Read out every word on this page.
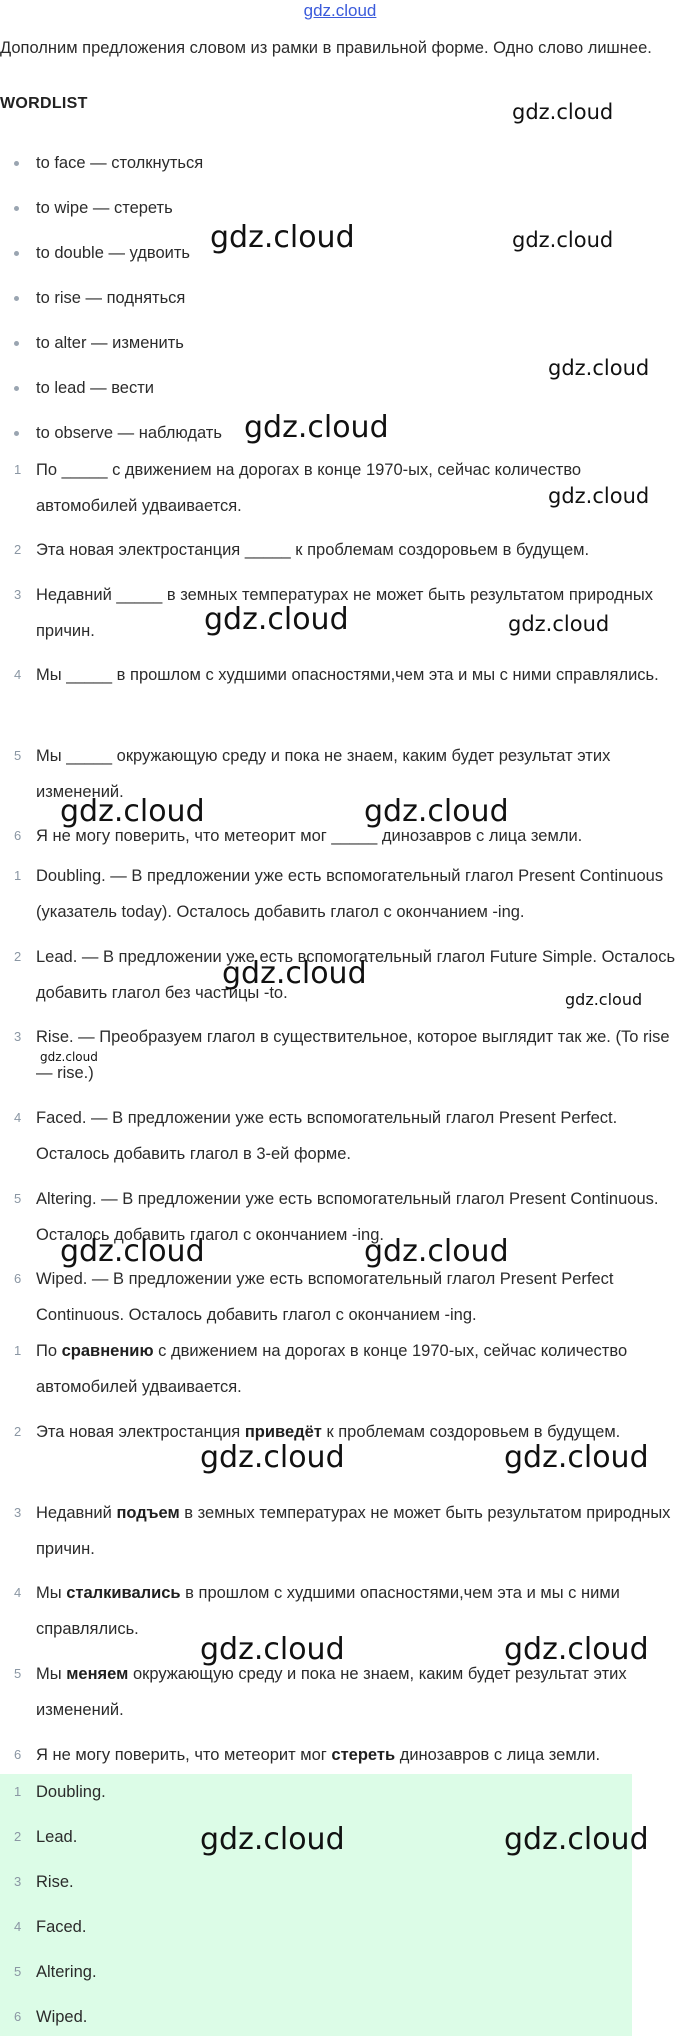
gdz.cloud
Дополним предложения словом из рамки в правильной форме. Одно слово лишнее.
WORDLIST
to face — столкнуться
to wipe — стереть
to double — удвоить
to rise — подняться
to alter — изменить
to lead — вести
to observe — наблюдать
1 По _____ с движением на дорогах в конце 1970-ых, сейчас количество автомобилей удваивается.
2 Эта новая электростанция _____ к проблемам создоровьем в будущем.
3 Недавний _____ в земных температурах не может быть результатом природных причин.
4 Мы _____ в прошлом с худшими опасностями,чем эта и мы с ними справлялись.
5 Мы _____ окружающую среду и пока не знаем, каким будет результат этих изменений.
6 Я не могу поверить, что метеорит мог _____ динозавров с лица земли.
1 Doubling. — В предложении уже есть вспомогательный глагол Present Continuous (указатель today). Осталось добавить глагол с окончанием -ing.
2 Lead. — В предложении уже есть вспомогательный глагол Future Simple. Осталось добавить глагол без частицы -to.
3 Rise. — Преобразуем глагол в существительное, которое выглядит так же. (To rise — rise.)
4 Faced. — В предложении уже есть вспомогательный глагол Present Perfect. Осталось добавить глагол в 3-ей форме.
5 Altering. — В предложении уже есть вспомогательный глагол Present Continuous. Осталось добавить глагол с окончанием -ing.
6 Wiped. — В предложении уже есть вспомогательный глагол Present Perfect Continuous. Осталось добавить глагол с окончанием -ing.
1 По сравнению с движением на дорогах в конце 1970-ых, сейчас количество автомобилей удваивается.
2 Эта новая электростанция приведёт к проблемам создоровьем в будущем.
3 Недавний подъем в земных температурах не может быть результатом природных причин.
4 Мы сталкивались в прошлом с худшими опасностями,чем эта и мы с ними справлялись.
5 Мы меняем окружающую среду и пока не знаем, каким будет результат этих изменений.
6 Я не могу поверить, что метеорит мог стереть динозавров с лица земли.
1 Doubling.
2 Lead.
3 Rise.
4 Faced.
5 Altering.
6 Wiped.
gdz.cloud
gdz.cloud	gdz.cloud
gdz.cloud
gdz.cloud
gdz.cloud
gdz.cloud	gdz.cloud
gdz.cloud	gdz.cloud
gdz.cloud
gdz.cloud
gdz.cloud
gdz.cloud	gdz.cloud
gdz.cloud	gdz.cloud
gdz.cloud	gdz.cloud
gdz.cloud	gdz.cloud
